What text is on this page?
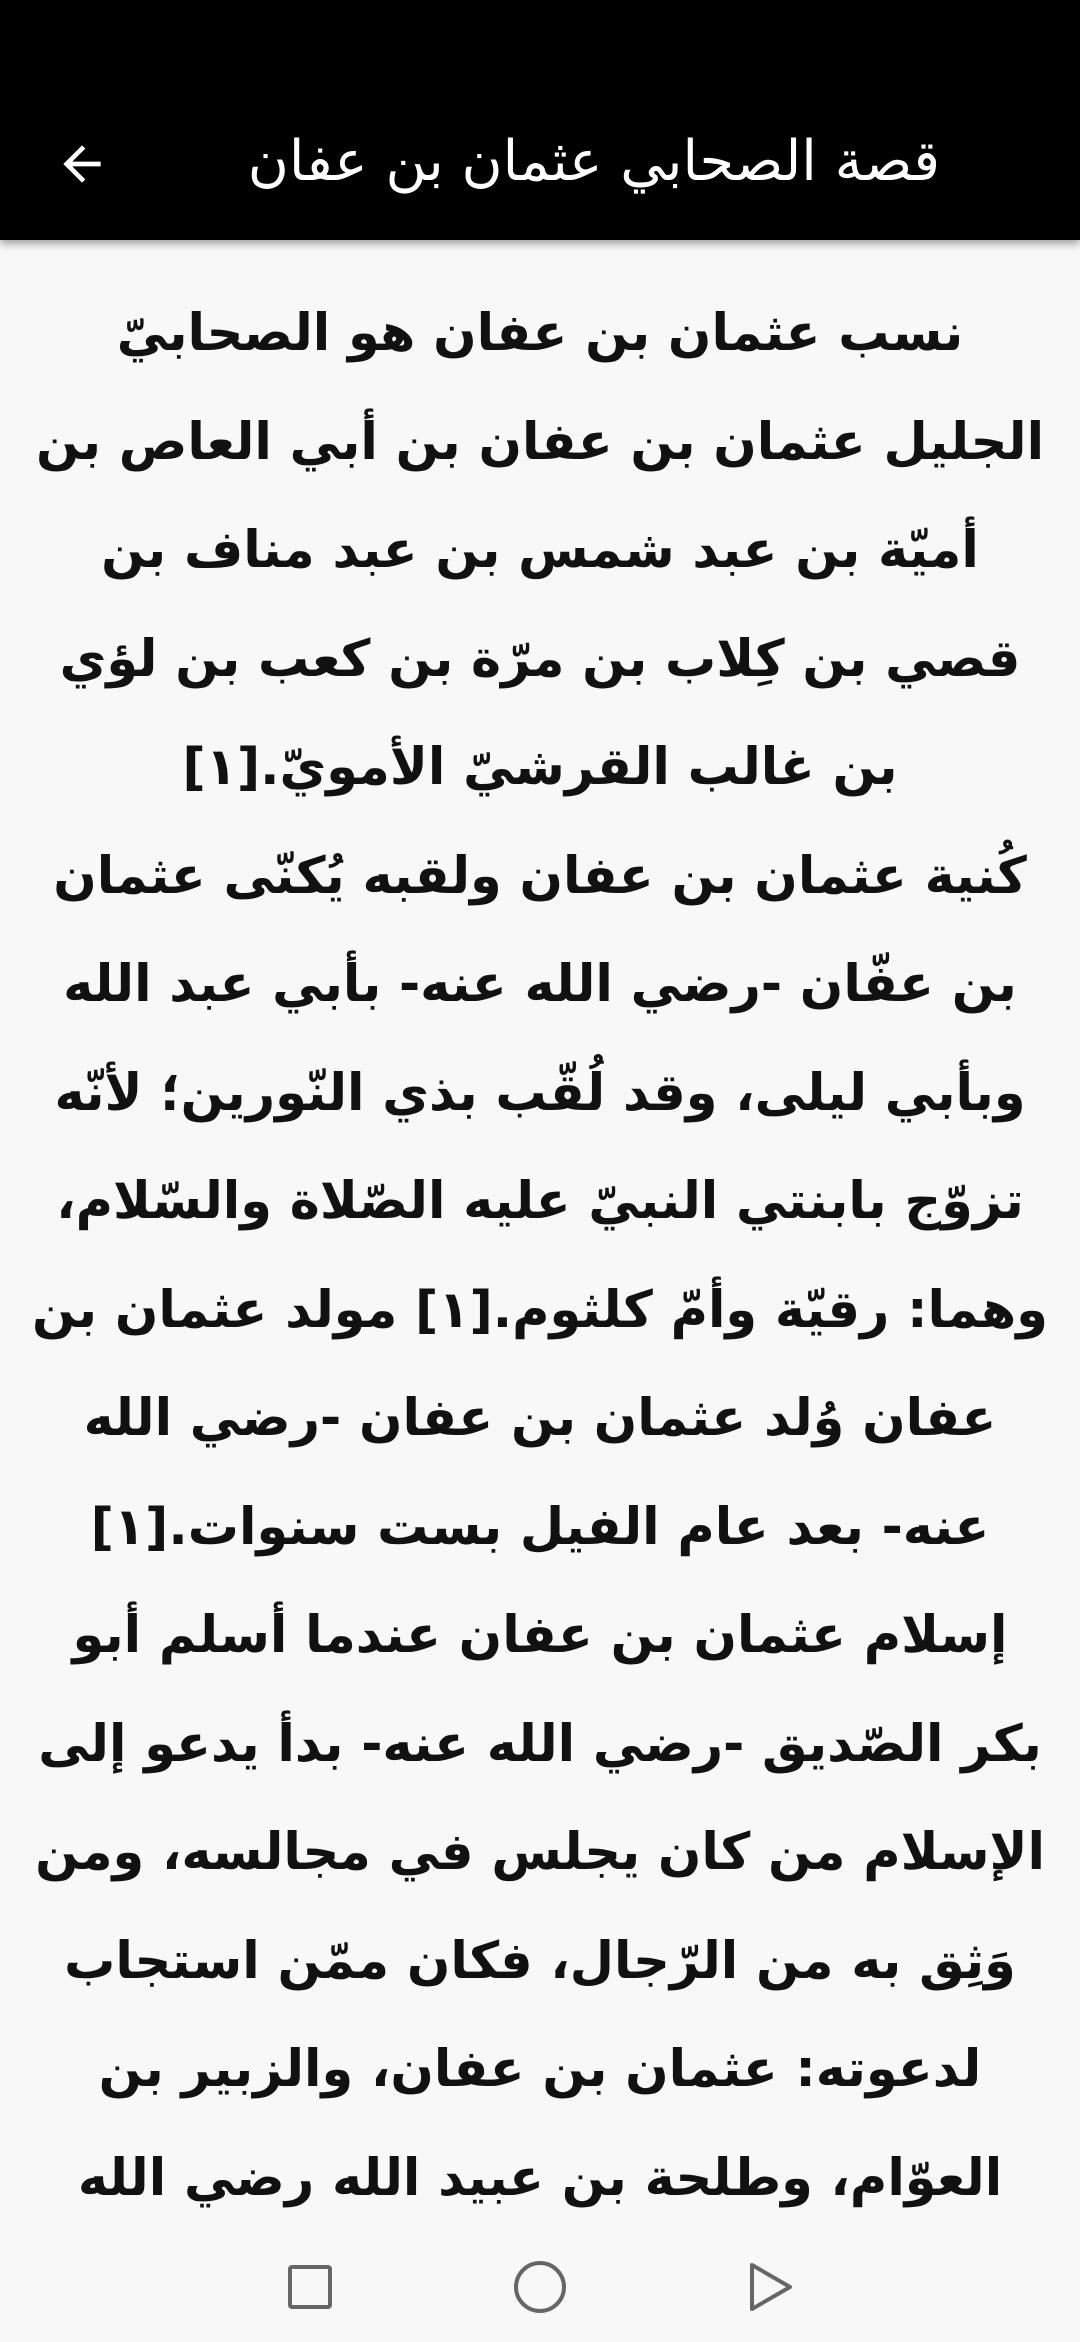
قصة الصحابي عثمان بن عفان

نسب عثمان بن عفان هو الصحابيّ الجليل عثمان بن عفان بن أبي العاص بن أميّة بن عبد شمس بن عبد مناف بن قصي بن كِلاب بن مرّة بن كعب بن لؤي بن غالب القرشيّ الأمويّ.[١]
كُنية عثمان بن عفان ولقبه يُكنّى عثمان بن عفّان -رضي الله عنه- بأبي عبد الله وبأبي ليلى، وقد لُقّب بذي النّورين؛ لأنّه تزوّج بابنتي النبيّ عليه الصّلاة والسّلام، وهما: رقيّة وأمّ كلثوم.[١] مولد عثمان بن عفان وُلد عثمان بن عفان -رضي الله عنه- بعد عام الفيل بست سنوات.[١] إسلام عثمان بن عفان عندما أسلم أبو بكر الصّديق -رضي الله عنه- بدأ يدعو إلى الإسلام من كان يجلس في مجالسه، ومن وَثِق به من الرّجال، فكان ممّن استجاب لدعوته: عثمان بن عفان، والزبير بن العوّام، وطلحة بن عبيد الله رضي الله
